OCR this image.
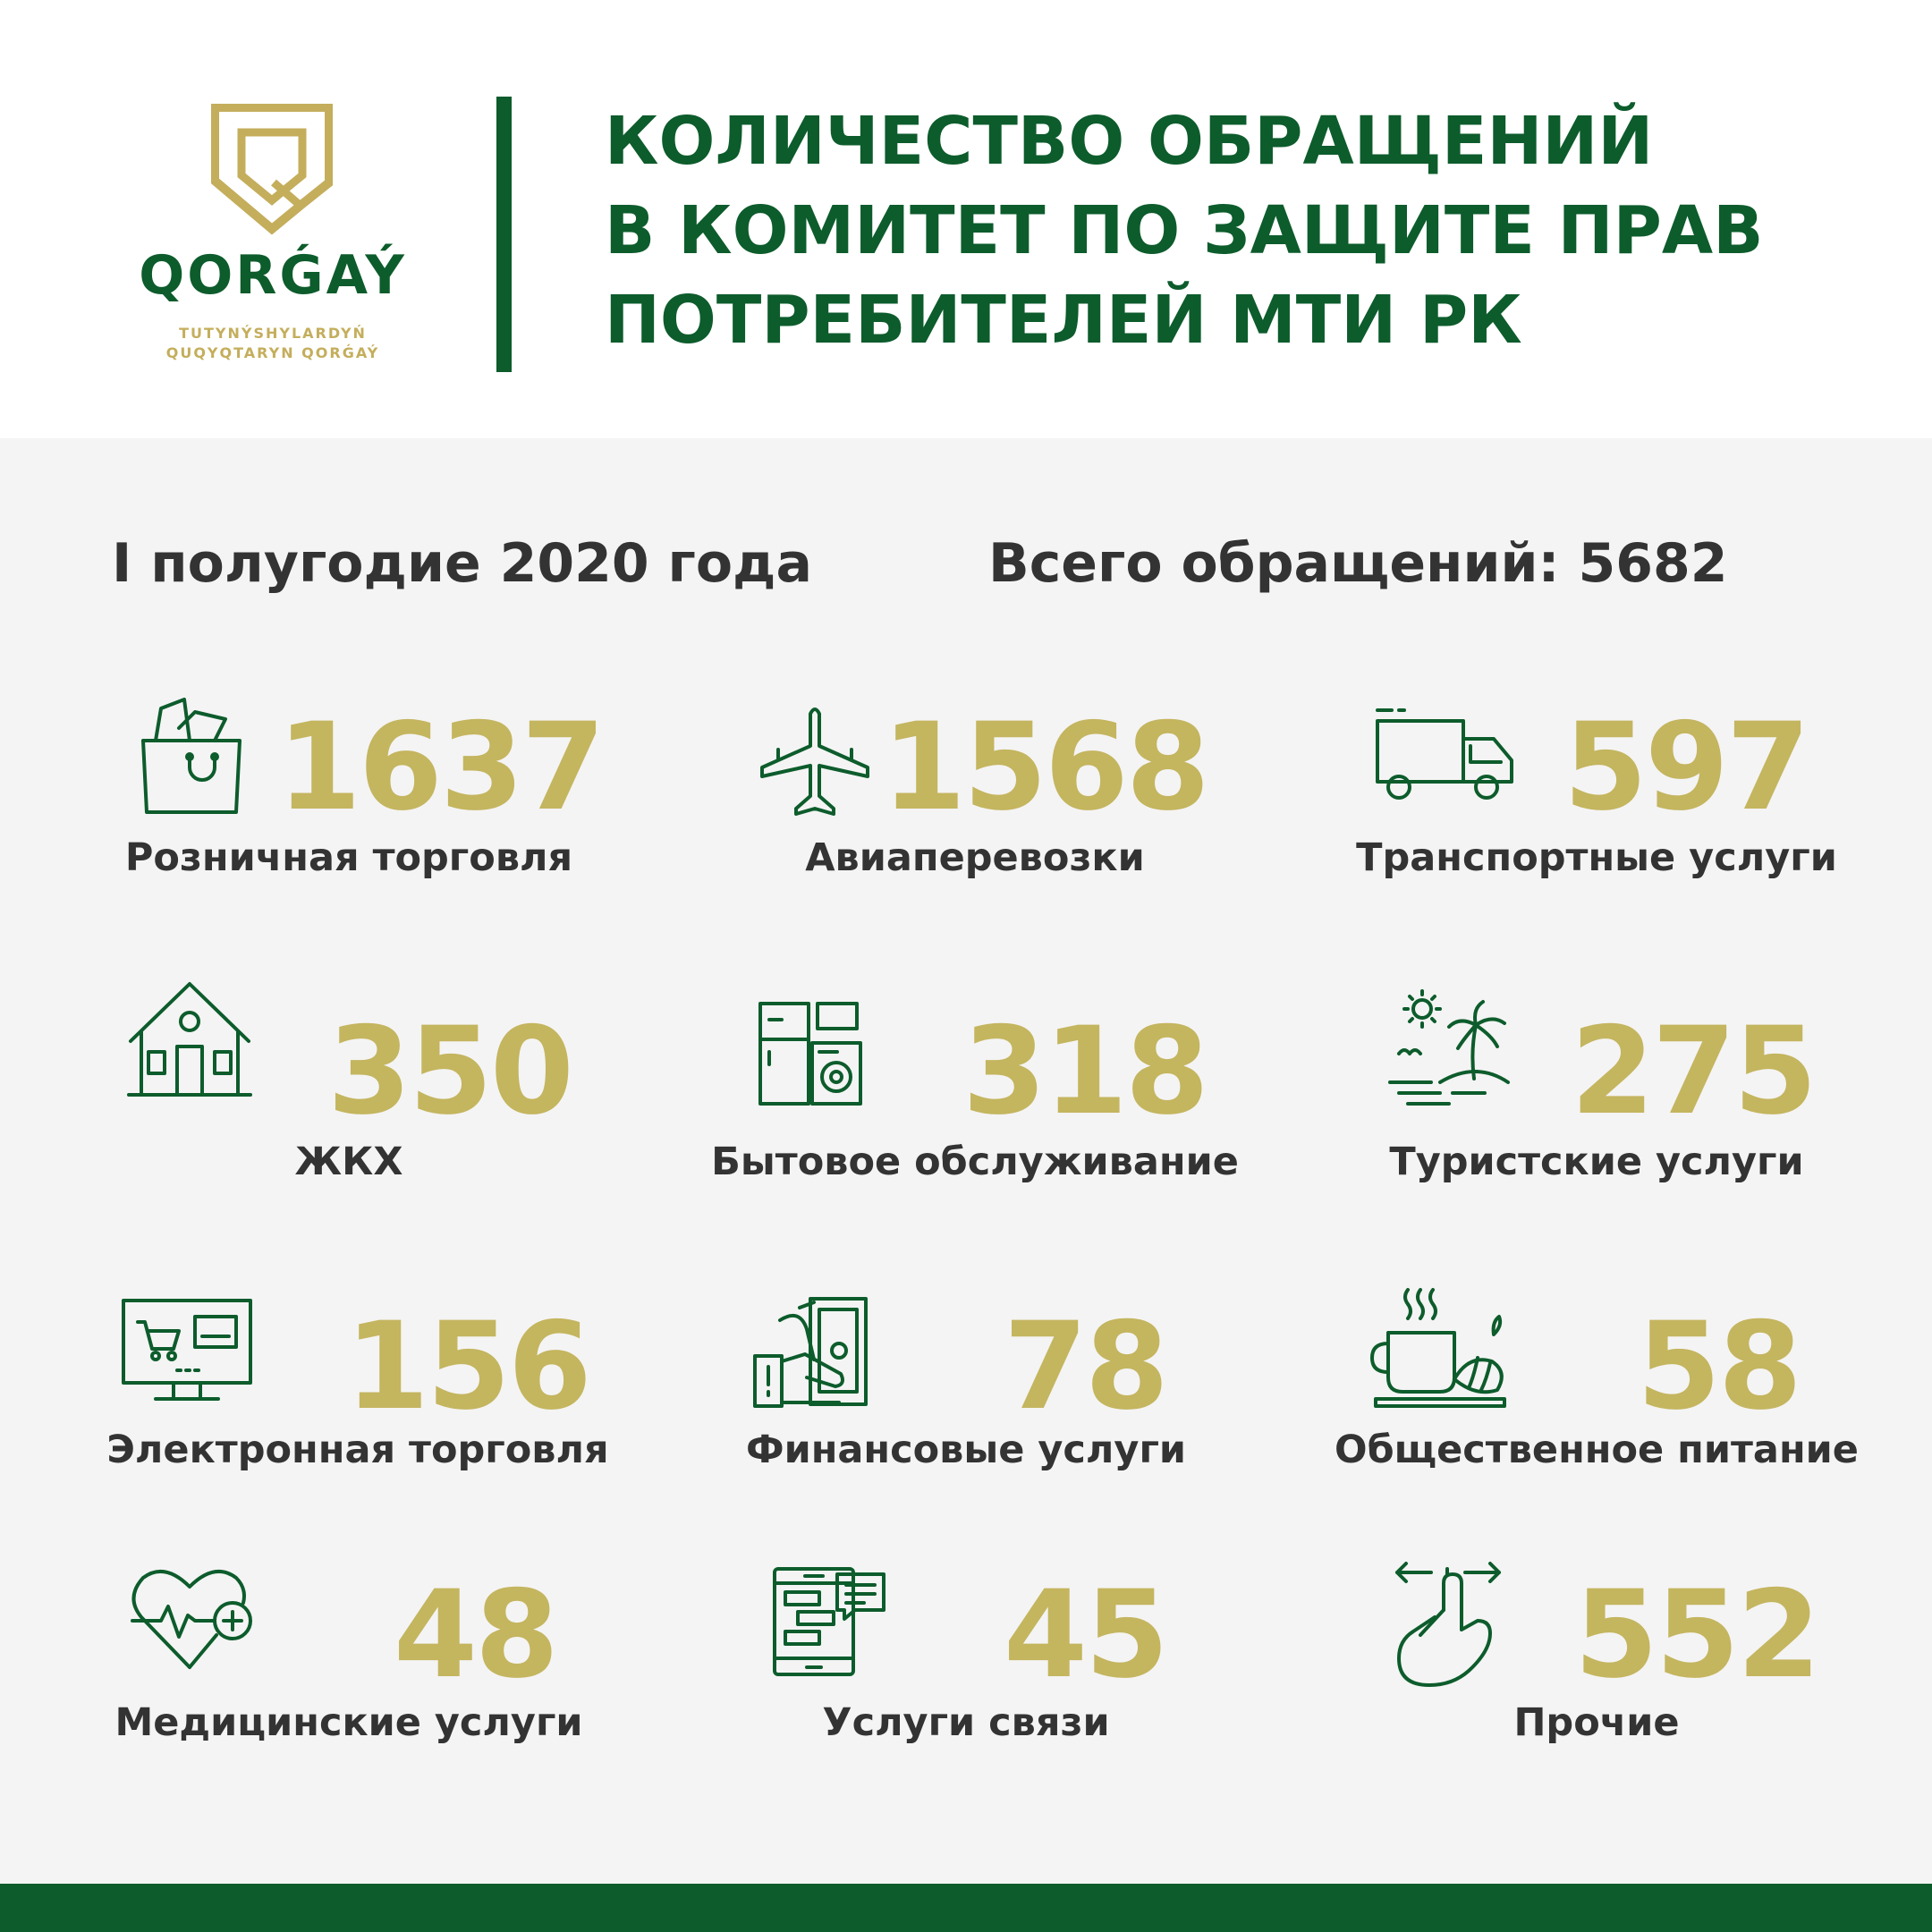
QORǴAÝ
TUTYNÝSHYLARDYŃ
QUQYQTARYN QORǴAÝ
КОЛИЧЕСТВО ОБРАЩЕНИЙ
В КОМИТЕТ ПО ЗАЩИТЕ ПРАВ
ПОТРЕБИТЕЛЕЙ МТИ РК
I полугодие 2020 года	Всего обращений: 5682
1637
Розничная торговля
1568
Авиаперевозки
597
Транспортные услуги
350
ЖКХ
318
Бытовое обслуживание
275
Туристские услуги
156
Электронная торговля
78
Финансовые услуги
58
Общественное питание
48
Медицинские услуги
45
Услуги связи
552
Прочие
